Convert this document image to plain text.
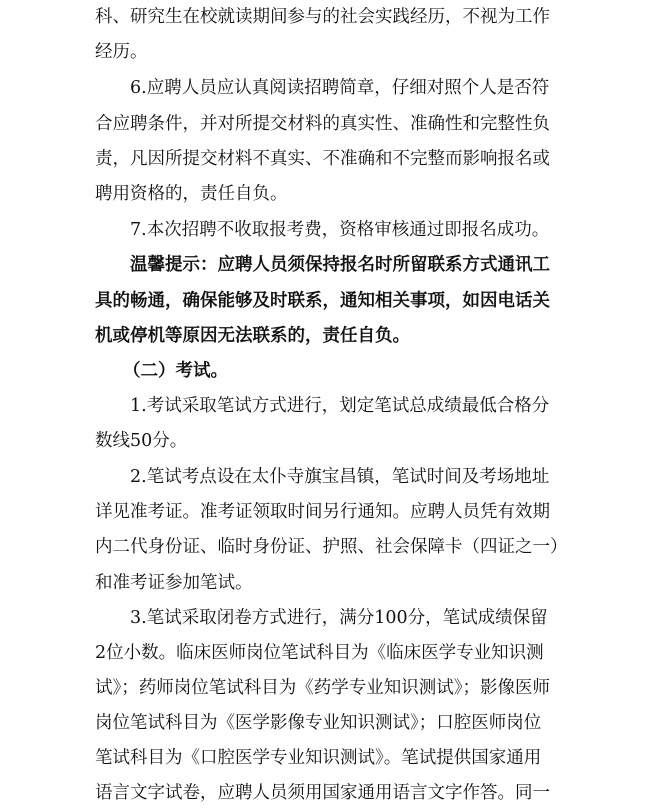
科、研究生在校就读期间参与的社会实践经历，不视为工作
经历。
6.应聘人员应认真阅读招聘简章，仔细对照个人是否符
合应聘条件，并对所提交材料的真实性、准确性和完整性负
责，凡因所提交材料不真实、不准确和不完整而影响报名或
聘用资格的，责任自负。
7.本次招聘不收取报考费，资格审核通过即报名成功。
温馨提示：应聘人员须保持报名时所留联系方式通讯工
具的畅通，确保能够及时联系，通知相关事项，如因电话关
机或停机等原因无法联系的，责任自负。
（二）考试。
1.考试采取笔试方式进行，划定笔试总成绩最低合格分
数线50分。
2.笔试考点设在太仆寺旗宝昌镇，笔试时间及考场地址
详见准考证。准考证领取时间另行通知。应聘人员凭有效期
内二代身份证、临时身份证、护照、社会保障卡（四证之一）
和准考证参加笔试。
3.笔试采取闭卷方式进行，满分100分，笔试成绩保留
2位小数。临床医师岗位笔试科目为《临床医学专业知识测
试》；药师岗位笔试科目为《药学专业知识测试》；影像医师
岗位笔试科目为《医学影像专业知识测试》；口腔医师岗位
笔试科目为《口腔医学专业知识测试》。笔试提供国家通用
语言文字试卷，应聘人员须用国家通用语言文字作答。同一
